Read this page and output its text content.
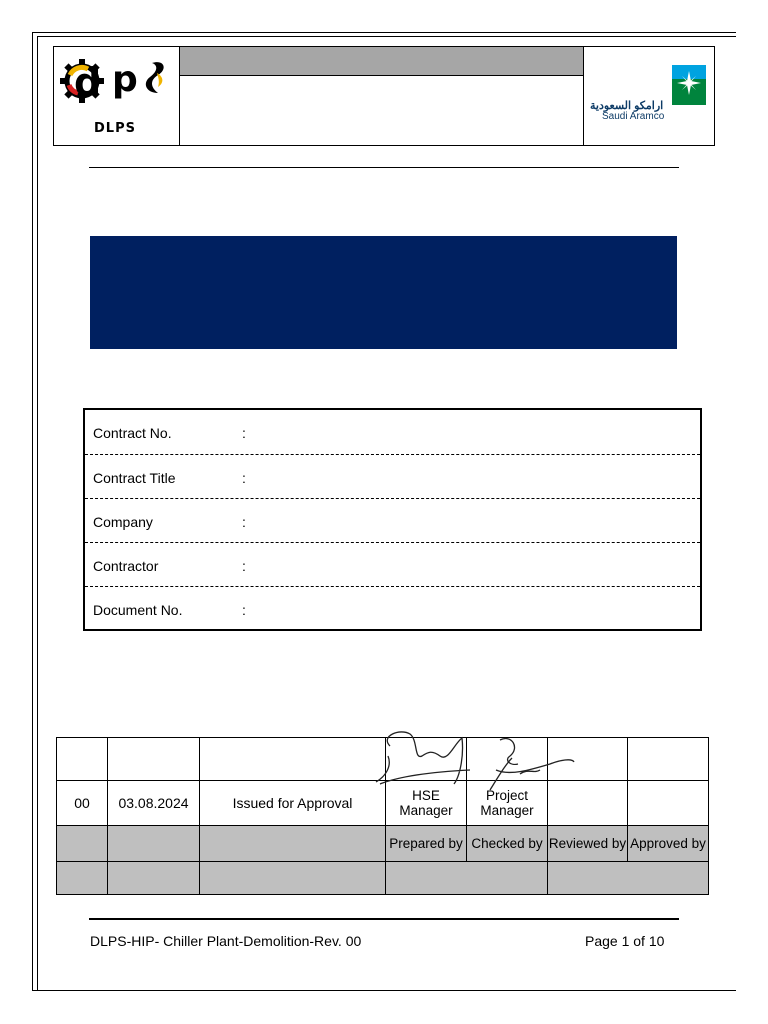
d p
DLPS
ارامكو السعودية
Saudi Aramco
Contract No.	:
Contract Title	:
Company	:
Contractor	:
Document No.	:

00	03.08.2024	Issued for Approval	HSE Manager	Project Manager		
			Prepared by	Checked by	Reviewed by	Approved by

DLPS-HIP- Chiller Plant-Demolition-Rev. 00	Page 1 of 10
